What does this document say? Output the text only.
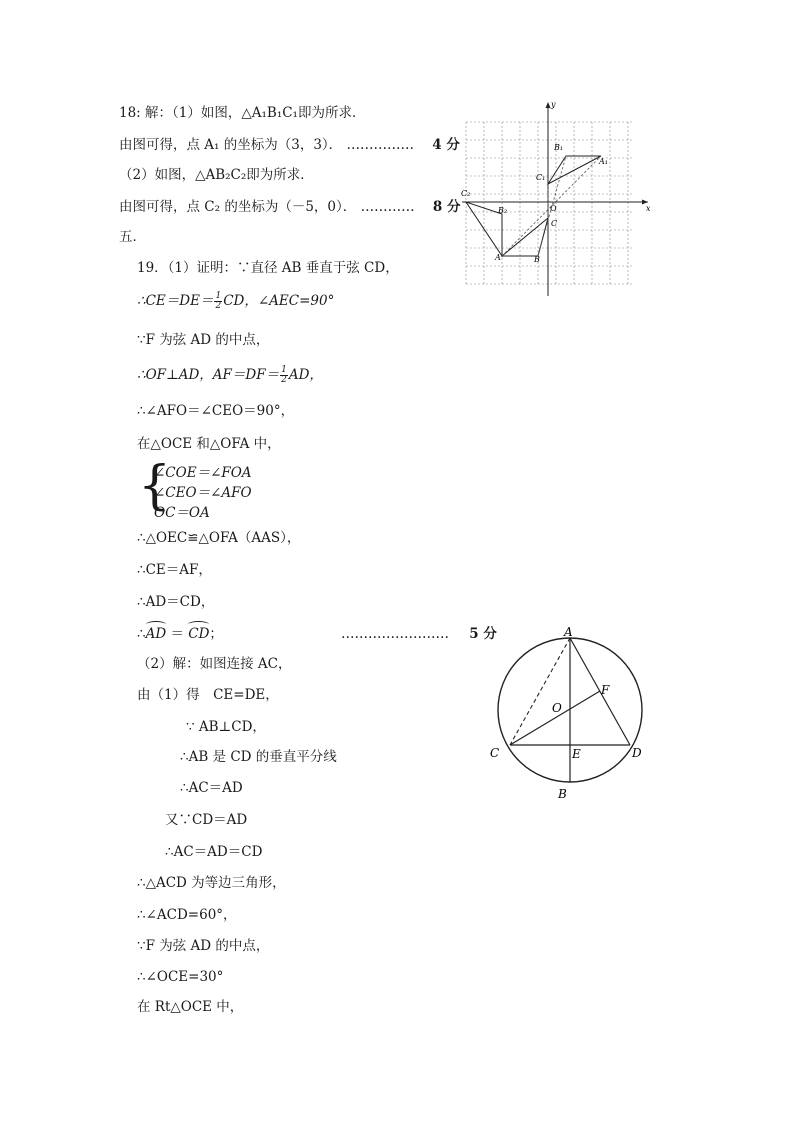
18: 解：（1）如图，△A₁B₁C₁即为所求．
由图可得，点 A₁ 的坐标为（3，3）． …………… 4 分
（2）如图，△AB₂C₂即为所求．
由图可得，点 C₂ 的坐标为（－5，0）． ………… 8 分
五．
x
y
O
A	B
C
A₁
B₁
C₁
B₂
C₂
19．（1）证明：∵直径 AB 垂直于弦 CD，
∴CE＝DE＝ $\frac{1}{2}$ CD，∠AEC=90°
∵F 为弦 AD 的中点，
∴OF⊥AD，$AF=DF= \frac{1}{2}$ AD，
∴∠AFO＝∠CEO＝90°，
在△OCE 和△OFA 中，
{
∠COE＝∠FOA
∠CEO＝∠AFO
OC＝OA
∴△OEC≌△OFA（AAS），
∴CE＝AF，
∴AD＝CD，
∴AD ＝ CD；	…………………… 5 分
（2）解：如图连接 AC，
由（1）得　CE=DE，
∵ AB⊥CD，
∴AB 是 CD 的垂直平分线
∴AC＝AD
又∵CD＝AD
∴AC＝AD＝CD
∴△ACD 为等边三角形，
∴∠ACD=60°，
∵F 为弦 AD 的中点，
∴∠OCE=30°
在 Rt△OCE 中，
A
B
C	D
E
F
O
